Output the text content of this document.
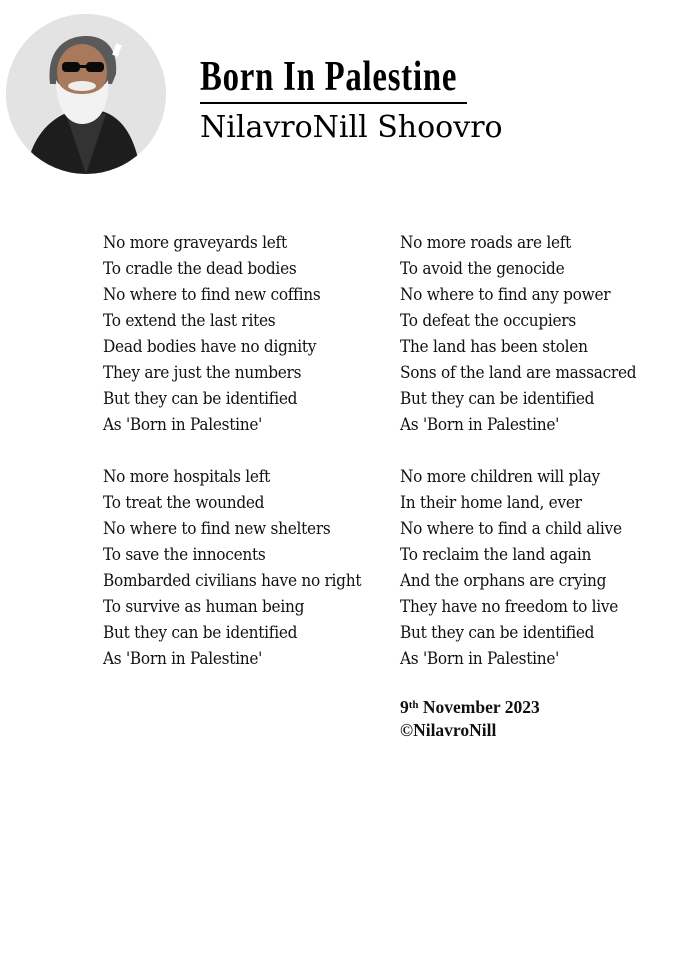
Born In Palestine
NilavroNill Shoovro
No more graveyards left
To cradle the dead bodies
No where to find new coffins
To extend the last rites
Dead bodies have no dignity
They are just the numbers
But they can be identified
As 'Born in Palestine'
No more hospitals left
To treat the wounded
No where to find new shelters
To save the innocents
Bombarded civilians have no right
To survive as human being
But they can be identified
As 'Born in Palestine'
No more roads are left
To avoid the genocide
No where to find any power
To defeat the occupiers
The land has been stolen
Sons of the land are massacred
But they can be identified
As 'Born in Palestine'
No more children will play
In their home land, ever
No where to find a child alive
To reclaim the land again
And the orphans are crying
They have no freedom to live
But they can be identified
As 'Born in Palestine'
9th November 2023
©NilavroNill
